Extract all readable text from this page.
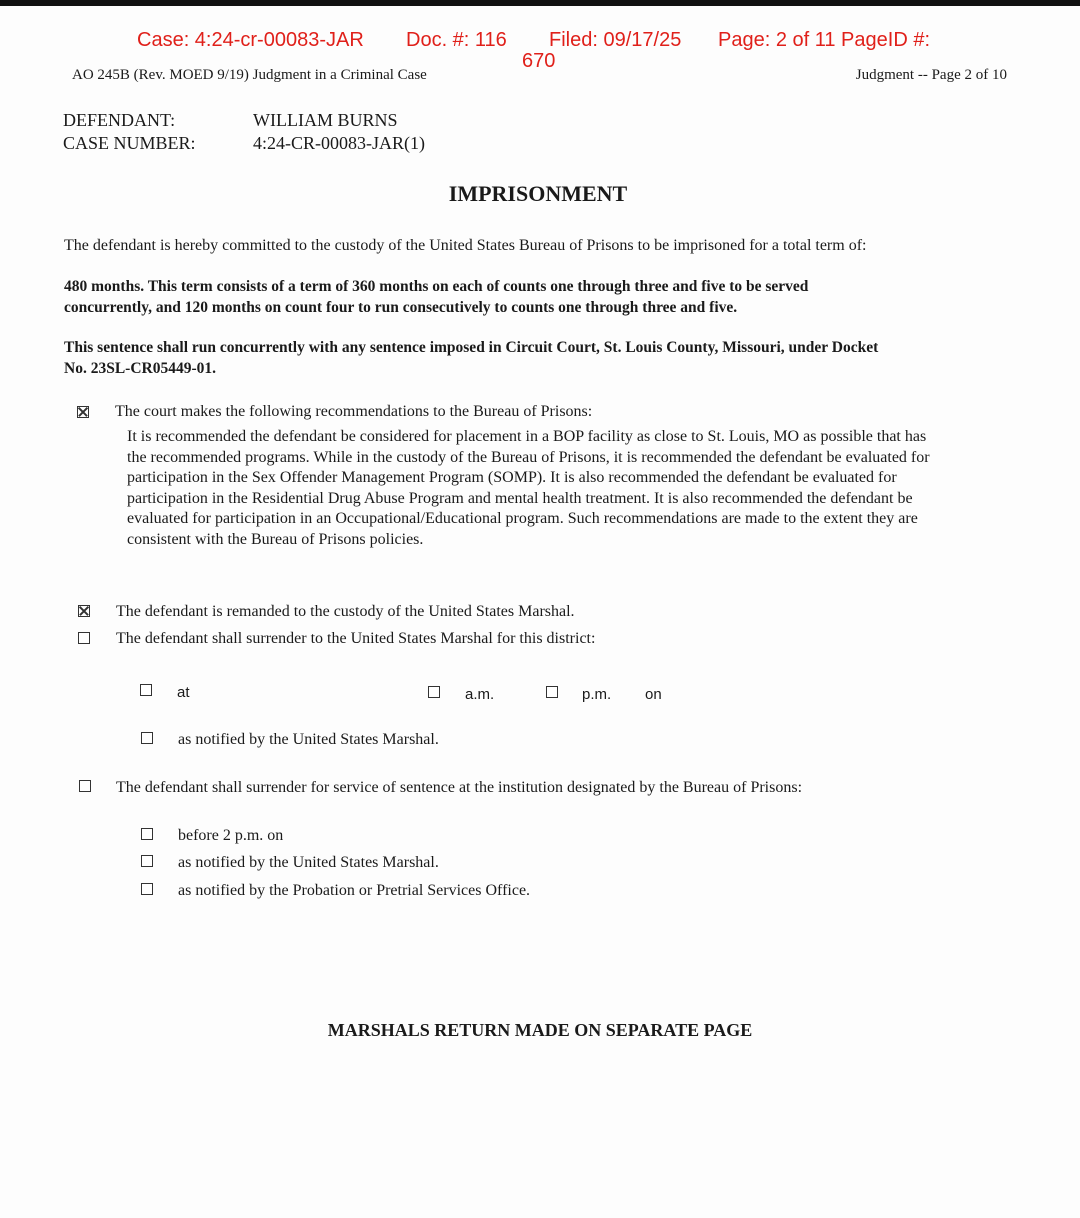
Case: 4:24-cr-00083-JAR Doc. #: 116 Filed: 09/17/25 Page: 2 of 11 PageID #:
670
AO 245B (Rev. MOED 9/19) Judgment in a Criminal Case	Judgment -- Page 2 of 10
DEFENDANT:	WILLIAM BURNS
CASE NUMBER:	4:24-CR-00083-JAR(1)
IMPRISONMENT
The defendant is hereby committed to the custody of the United States Bureau of Prisons to be imprisoned for a total term of:
480 months. This term consists of a term of 360 months on each of counts one through three and five to be served
concurrently, and 120 months on count four to run consecutively to counts one through three and five.
This sentence shall run concurrently with any sentence imposed in Circuit Court, St. Louis County, Missouri, under Docket
No. 23SL-CR05449-01.
The court makes the following recommendations to the Bureau of Prisons:
It is recommended the defendant be considered for placement in a BOP facility as close to St. Louis, MO as possible that has
the recommended programs. While in the custody of the Bureau of Prisons, it is recommended the defendant be evaluated for
participation in the Sex Offender Management Program (SOMP). It is also recommended the defendant be evaluated for
participation in the Residential Drug Abuse Program and mental health treatment. It is also recommended the defendant be
evaluated for participation in an Occupational/Educational program. Such recommendations are made to the extent they are
consistent with the Bureau of Prisons policies.
The defendant is remanded to the custody of the United States Marshal.
The defendant shall surrender to the United States Marshal for this district:
at	a.m.	p.m. on
as notified by the United States Marshal.
The defendant shall surrender for service of sentence at the institution designated by the Bureau of Prisons:
before 2 p.m. on
as notified by the United States Marshal.
as notified by the Probation or Pretrial Services Office.
MARSHALS RETURN MADE ON SEPARATE PAGE
